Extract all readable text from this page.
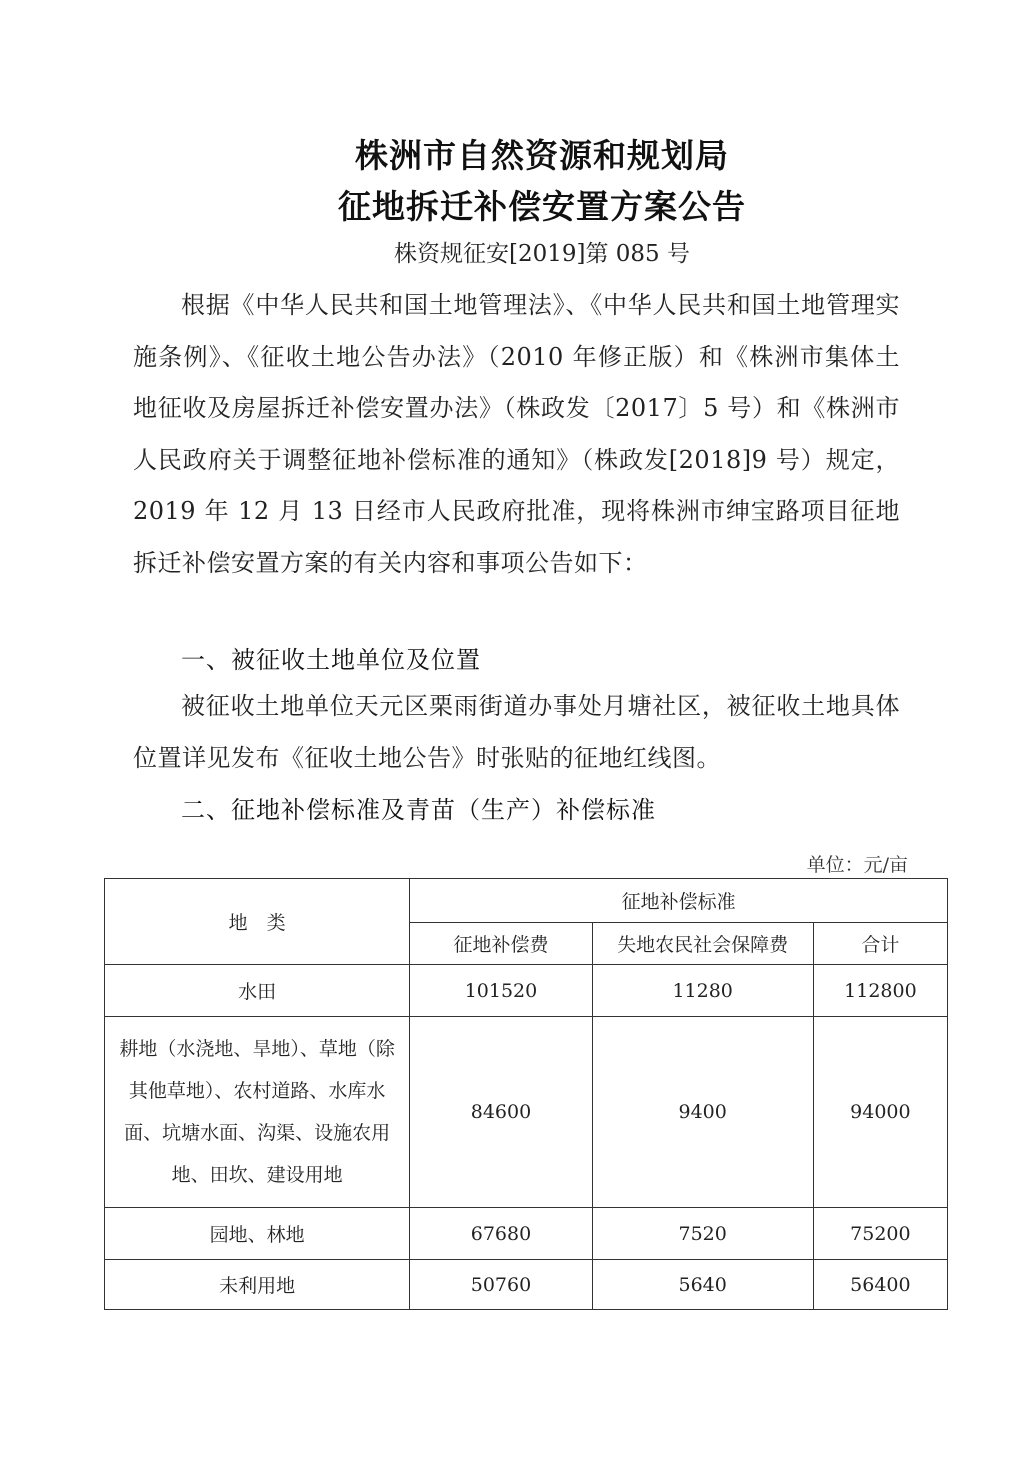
株洲市自然资源和规划局
征地拆迁补偿安置方案公告
株资规征安[2019]第 085 号
根据《中华人民共和国土地管理法》、《中华人民共和国土地管理实施条例》、《征收土地公告办法》（2010 年修正版）和《株洲市集体土地征收及房屋拆迁补偿安置办法》（株政发〔2017〕5 号）和《株洲市人民政府关于调整征地补偿标准的通知》（株政发[2018]9 号）规定，2019 年 12 月 13 日经市人民政府批准，现将株洲市绅宝路项目征地拆迁补偿安置方案的有关内容和事项公告如下：
一、被征收土地单位及位置
被征收土地单位天元区栗雨街道办事处月塘社区，被征收土地具体位置详见发布《征收土地公告》时张贴的征地红线图。
二、征地补偿标准及青苗（生产）补偿标准
单位：元/亩
地　类	征地补偿标准		
	征地补偿费	失地农民社会保障费	合计
水田	101520	11280	112800
耕地（水浇地、旱地）、草地（除其他草地）、农村道路、水库水面、坑塘水面、沟渠、设施农用地、田坎、建设用地	84600	9400	94000
园地、林地	67680	7520	75200
未利用地	50760	5640	56400
